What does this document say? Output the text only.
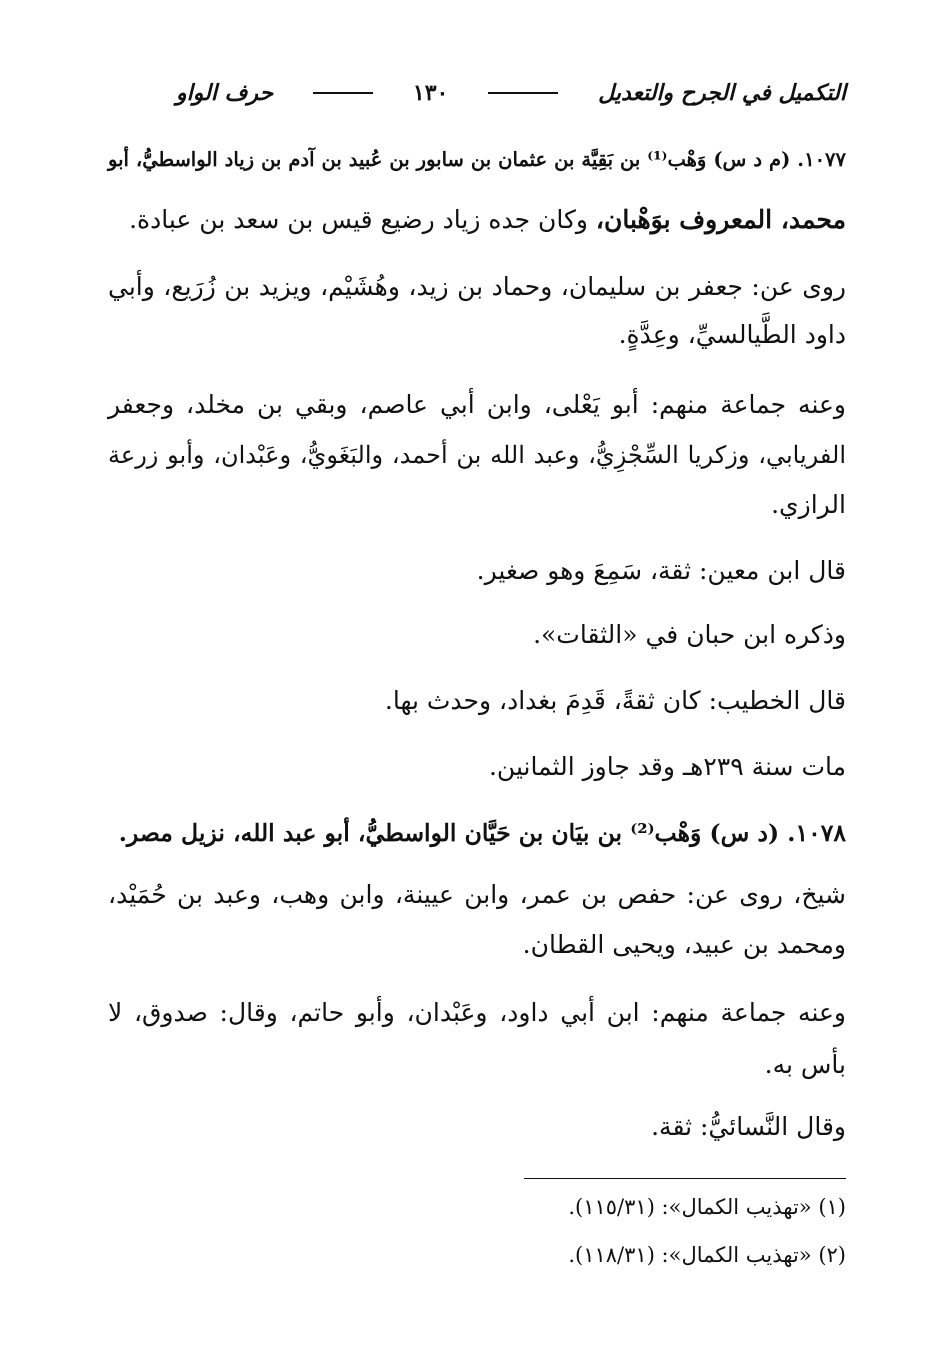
التكميل في الجرح والتعديل
١٣٠
حرف الواو
١٠٧٧. (م د س) وَهْب⁽¹⁾ بن بَقِيَّة بن عثمان بن سابور بن عُبيد بن آدم بن زياد الواسطيُّ، أبو
محمد، المعروف بوَهْبان، وكان جده زياد رضيع قيس بن سعد بن عبادة.
روى عن: جعفر بن سليمان، وحماد بن زيد، وهُشَيْم، ويزيد بن زُرَيع، وأبي
داود الطَّيالسيِّ، وعِدَّةٍ.
وعنه جماعة منهم: أبو يَعْلى، وابن أبي عاصم، وبقي بن مخلد، وجعفر
الفريابي، وزكريا السِّجْزِيُّ، وعبد الله بن أحمد، والبَغَويُّ، وعَبْدان، وأبو زرعة
الرازي.
قال ابن معين: ثقة، سَمِعَ وهو صغير.
وذكره ابن حبان في «الثقات».
قال الخطيب: كان ثقةً، قَدِمَ بغداد، وحدث بها.
مات سنة ٢٣٩هـ وقد جاوز الثمانين.
١٠٧٨. (د س) وَهْب⁽²⁾ بن بيَان بن حَيَّان الواسطيُّ، أبو عبد الله، نزيل مصر.
شيخ، روى عن: حفص بن عمر، وابن عيينة، وابن وهب، وعبد بن حُمَيْد،
ومحمد بن عبيد، ويحيى القطان.
وعنه جماعة منهم: ابن أبي داود، وعَبْدان، وأبو حاتم، وقال: صدوق، لا
بأس به.
وقال النَّسائيُّ: ثقة.
(١) «تهذيب الكمال»: (١١٥/٣١).
(٢) «تهذيب الكمال»: (١١٨/٣١).
